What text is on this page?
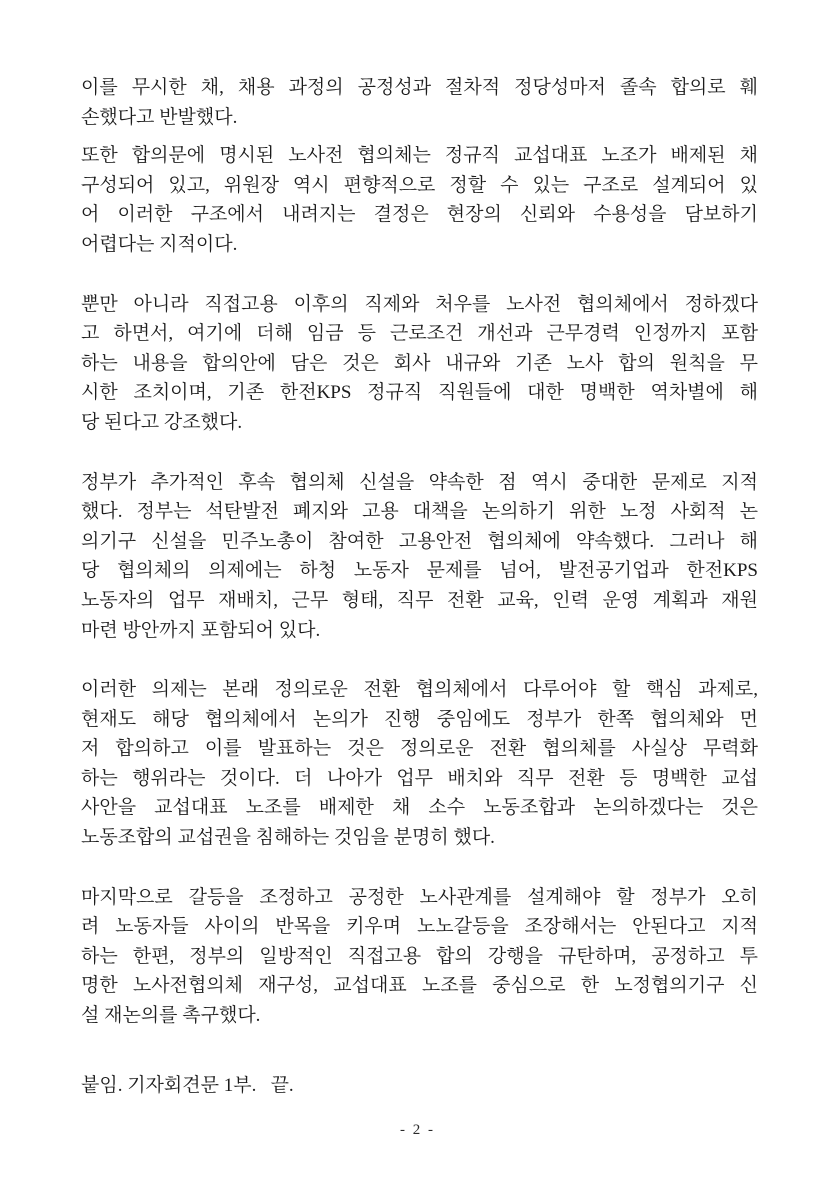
이를 무시한 채, 채용 과정의 공정성과 절차적 정당성마저 졸속 합의로 훼
손했다고 반발했다.
또한 합의문에 명시된 노사전 협의체는 정규직 교섭대표 노조가 배제된 채
구성되어 있고, 위원장 역시 편향적으로 정할 수 있는 구조로 설계되어 있
어 이러한 구조에서 내려지는 결정은 현장의 신뢰와 수용성을 담보하기
어렵다는 지적이다.
뿐만 아니라 직접고용 이후의 직제와 처우를 노사전 협의체에서 정하겠다
고 하면서, 여기에 더해 임금 등 근로조건 개선과 근무경력 인정까지 포함
하는 내용을 합의안에 담은 것은 회사 내규와 기존 노사 합의 원칙을 무
시한 조치이며, 기존 한전KPS 정규직 직원들에 대한 명백한 역차별에 해
당 된다고 강조했다.
정부가 추가적인 후속 협의체 신설을 약속한 점 역시 중대한 문제로 지적
했다. 정부는 석탄발전 폐지와 고용 대책을 논의하기 위한 노정 사회적 논
의기구 신설을 민주노총이 참여한 고용안전 협의체에 약속했다. 그러나 해
당 협의체의 의제에는 하청 노동자 문제를 넘어, 발전공기업과 한전KPS
노동자의 업무 재배치, 근무 형태, 직무 전환 교육, 인력 운영 계획과 재원
마련 방안까지 포함되어 있다.
이러한 의제는 본래 정의로운 전환 협의체에서 다루어야 할 핵심 과제로,
현재도 해당 협의체에서 논의가 진행 중임에도 정부가 한쪽 협의체와 먼
저 합의하고 이를 발표하는 것은 정의로운 전환 협의체를 사실상 무력화
하는 행위라는 것이다. 더 나아가 업무 배치와 직무 전환 등 명백한 교섭
사안을 교섭대표 노조를 배제한 채 소수 노동조합과 논의하겠다는 것은
노동조합의 교섭권을 침해하는 것임을 분명히 했다.
마지막으로 갈등을 조정하고 공정한 노사관계를 설계해야 할 정부가 오히
려 노동자들 사이의 반목을 키우며 노노갈등을 조장해서는 안된다고 지적
하는 한편, 정부의 일방적인 직접고용 합의 강행을 규탄하며, 공정하고 투
명한 노사전협의체 재구성, 교섭대표 노조를 중심으로 한 노정협의기구 신
설 재논의를 촉구했다.
붙임. 기자회견문 1부.   끝.
- 2 -
